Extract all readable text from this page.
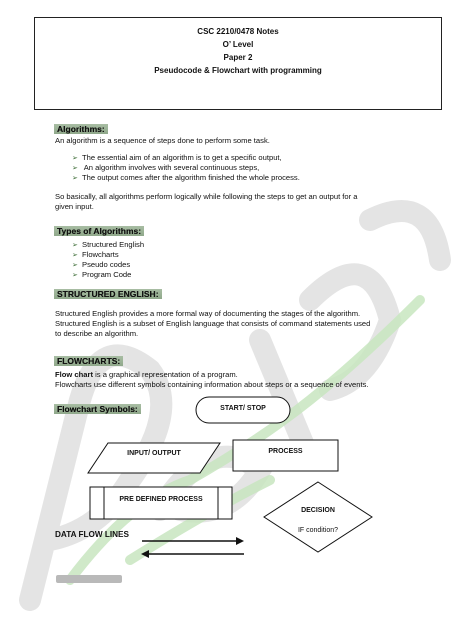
CSC 2210/0478 Notes
O’ Level
Paper 2
Pseudocode & Flowchart with programming
Algorithms:
An algorithm is a sequence of steps done to perform some task.
➢ The essential aim of an algorithm is to get a specific output,
➢ An algorithm involves with several continuous steps,
➢ The output comes after the algorithm finished the whole process.
So basically, all algorithms perform logically while following the steps to get an output for a
given input.
Types of Algorithms:
➢ Structured English
➢ Flowcharts
➢ Pseudo codes
➢ Program Code
STRUCTURED ENGLISH:
Structured English provides a more formal way of documenting the stages of the algorithm.
Structured English is a subset of English language that consists of command statements used
to describe an algorithm.
FLOWCHARTS:
Flow chart is a graphical representation of a program.
Flowcharts use different symbols containing information about steps or a sequence of events.
Flowchart Symbols:	START/ STOP
INPUT/ OUTPUT	PROCESS
PRE DEFINED PROCESS
DECISION
IF condition?
DATA FLOW LINES
